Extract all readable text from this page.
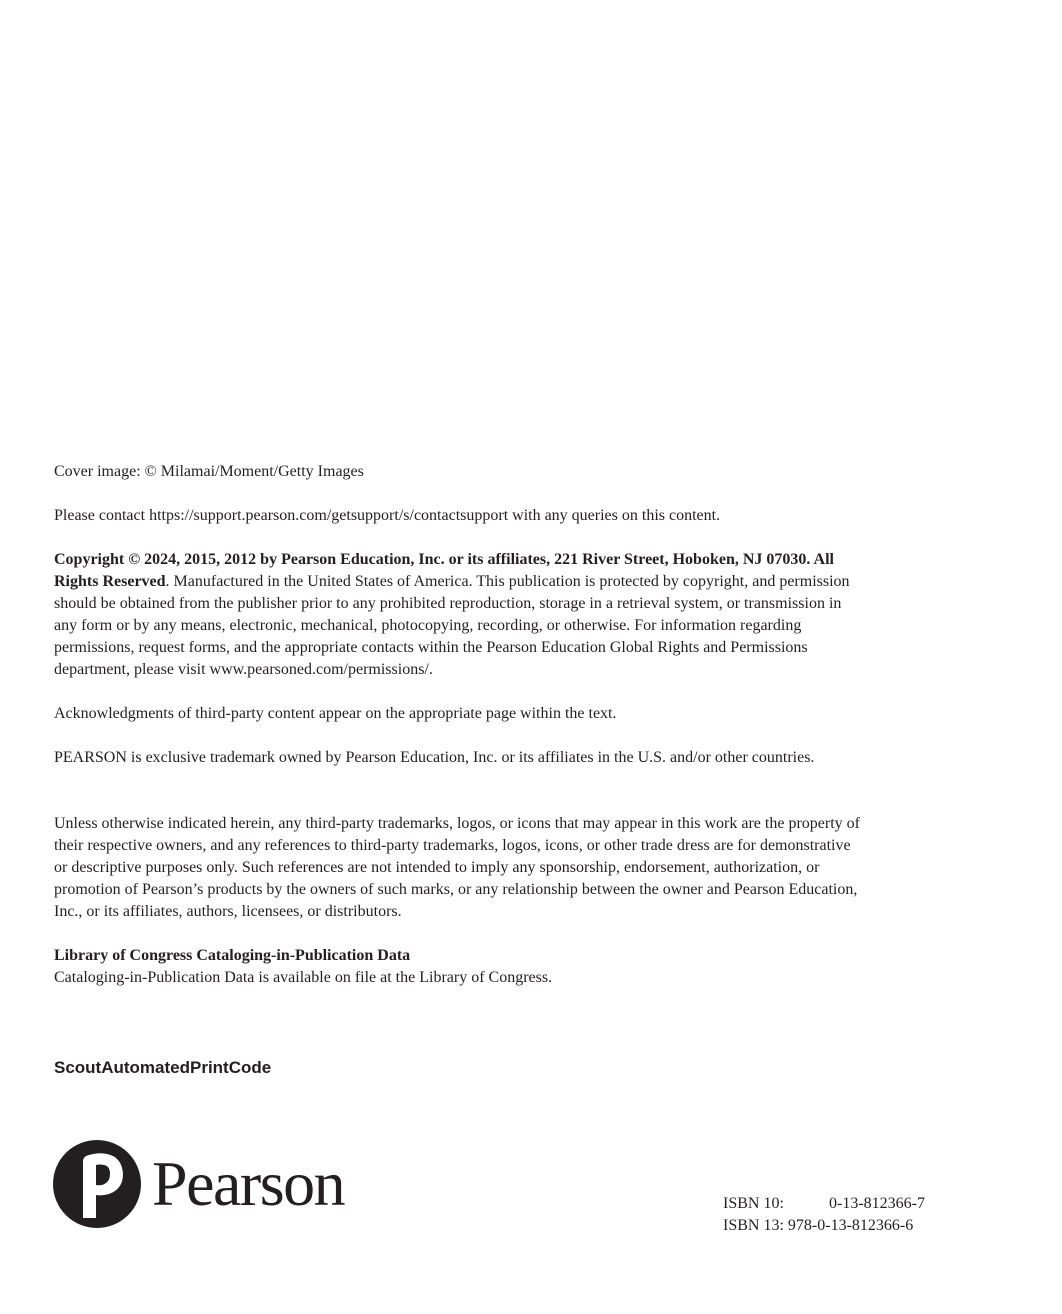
Cover image: © Milamai/Moment/Getty Images

Please contact https://support.pearson.com/getsupport/s/contactsupport with any queries on this content.

Copyright © 2024, 2015, 2012 by Pearson Education, Inc. or its affiliates, 221 River Street, Hoboken, NJ 07030. All Rights Reserved. Manufactured in the United States of America. This publication is protected by copyright, and permission should be obtained from the publisher prior to any prohibited reproduction, storage in a retrieval system, or transmission in any form or by any means, electronic, mechanical, photocopying, recording, or otherwise. For information regarding permissions, request forms, and the appropriate contacts within the Pearson Education Global Rights and Permissions department, please visit www.pearsoned.com/permissions/.

Acknowledgments of third-party content appear on the appropriate page within the text.

PEARSON is exclusive trademark owned by Pearson Education, Inc. or its affiliates in the U.S. and/or other countries.

Unless otherwise indicated herein, any third-party trademarks, logos, or icons that may appear in this work are the property of their respective owners, and any references to third-party trademarks, logos, icons, or other trade dress are for demonstrative or descriptive purposes only. Such references are not intended to imply any sponsorship, endorsement, authorization, or promotion of Pearson’s products by the owners of such marks, or any relationship between the owner and Pearson Education, Inc., or its affiliates, authors, licensees, or distributors.

Library of Congress Cataloging-in-Publication Data
Cataloging-in-Publication Data is available on file at the Library of Congress.
ScoutAutomatedPrintCode
Pearson	ISBN 10:	0-13-812366-7
ISBN 13: 978-0-13-812366-6
